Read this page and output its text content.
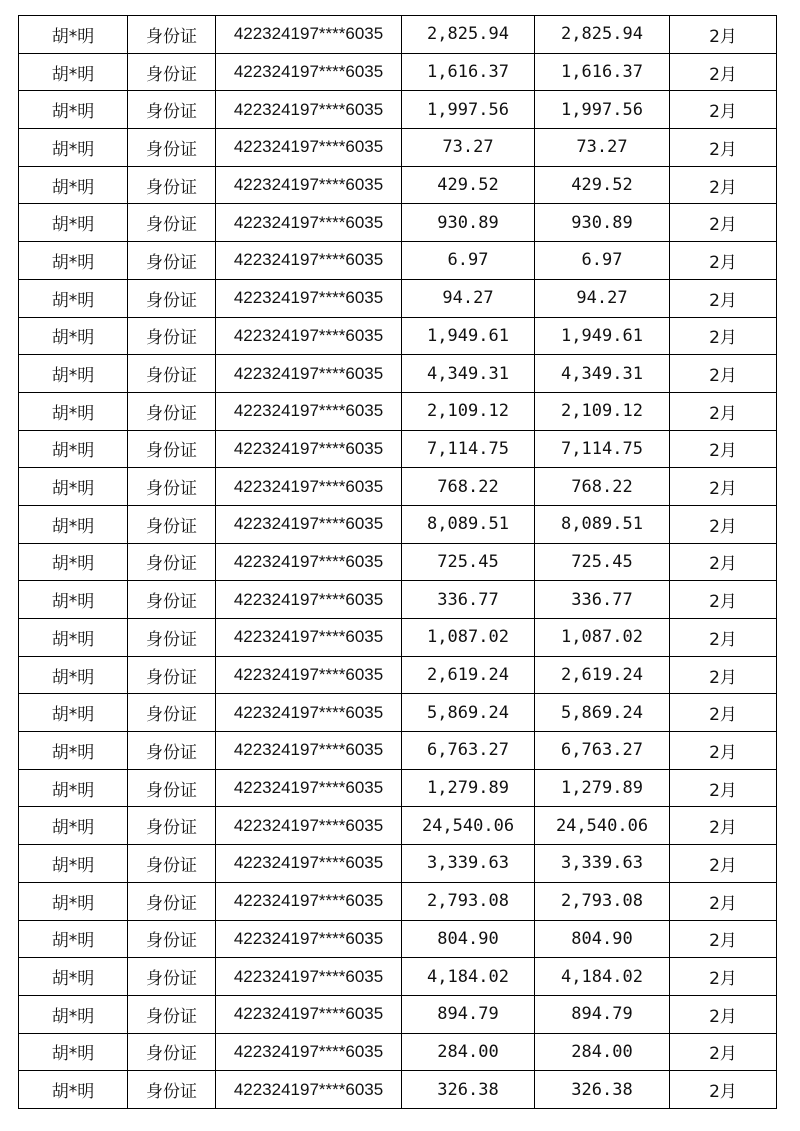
胡*明	身份证	422324197****6035	2,825.94	2,825.94	2月
胡*明	身份证	422324197****6035	1,616.37	1,616.37	2月
胡*明	身份证	422324197****6035	1,997.56	1,997.56	2月
胡*明	身份证	422324197****6035	73.27	73.27	2月
胡*明	身份证	422324197****6035	429.52	429.52	2月
胡*明	身份证	422324197****6035	930.89	930.89	2月
胡*明	身份证	422324197****6035	6.97	6.97	2月
胡*明	身份证	422324197****6035	94.27	94.27	2月
胡*明	身份证	422324197****6035	1,949.61	1,949.61	2月
胡*明	身份证	422324197****6035	4,349.31	4,349.31	2月
胡*明	身份证	422324197****6035	2,109.12	2,109.12	2月
胡*明	身份证	422324197****6035	7,114.75	7,114.75	2月
胡*明	身份证	422324197****6035	768.22	768.22	2月
胡*明	身份证	422324197****6035	8,089.51	8,089.51	2月
胡*明	身份证	422324197****6035	725.45	725.45	2月
胡*明	身份证	422324197****6035	336.77	336.77	2月
胡*明	身份证	422324197****6035	1,087.02	1,087.02	2月
胡*明	身份证	422324197****6035	2,619.24	2,619.24	2月
胡*明	身份证	422324197****6035	5,869.24	5,869.24	2月
胡*明	身份证	422324197****6035	6,763.27	6,763.27	2月
胡*明	身份证	422324197****6035	1,279.89	1,279.89	2月
胡*明	身份证	422324197****6035	24,540.06	24,540.06	2月
胡*明	身份证	422324197****6035	3,339.63	3,339.63	2月
胡*明	身份证	422324197****6035	2,793.08	2,793.08	2月
胡*明	身份证	422324197****6035	804.90	804.90	2月
胡*明	身份证	422324197****6035	4,184.02	4,184.02	2月
胡*明	身份证	422324197****6035	894.79	894.79	2月
胡*明	身份证	422324197****6035	284.00	284.00	2月
胡*明	身份证	422324197****6035	326.38	326.38	2月
